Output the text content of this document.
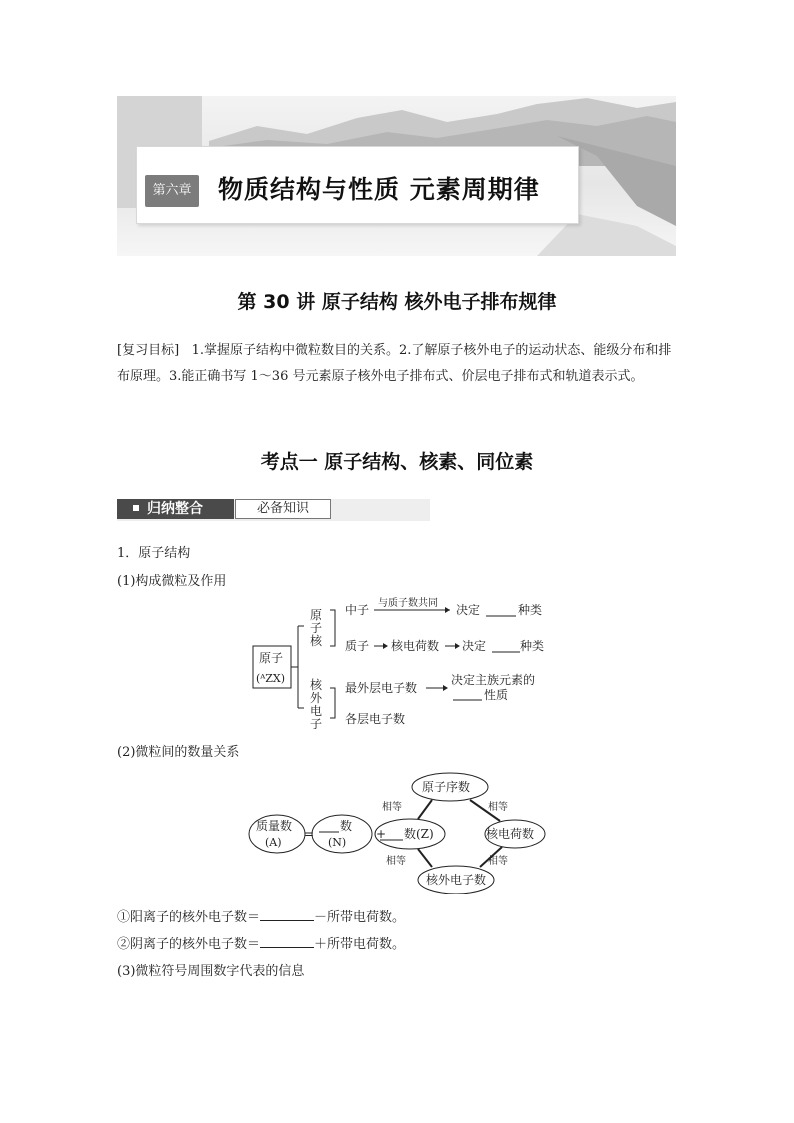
第六章	物质结构与性质 元素周期律
第 30 讲 原子结构 核外电子排布规律
[复习目标] 1.掌握原子结构中微粒数目的关系。2.了解原子核外电子的运动状态、能级分布和排布原理。3.能正确书写 1～36 号元素原子核外电子排布式、价层电子排布式和轨道表示式。
考点一 原子结构、核素、同位素
归纳整合	必备知识
1．原子结构
(1)构成微粒及作用
原子
(ᴬZX)
原
子
核
核
外
电
子
中子 与质子数共同 决定	种类
质子 核电荷数 决定	种类
最外层电子数
决定主族元素的
性质
各层电子数
(2)微粒间的数量关系
质量数
(A)
=
数
(N)
+ 数(Z)
原子序数
核电荷数
核外电子数
相等	相等
相等	相等
①阳离子的核外电子数＝	－所带电荷数。
②阴离子的核外电子数＝	＋所带电荷数。
(3)微粒符号周围数字代表的信息
